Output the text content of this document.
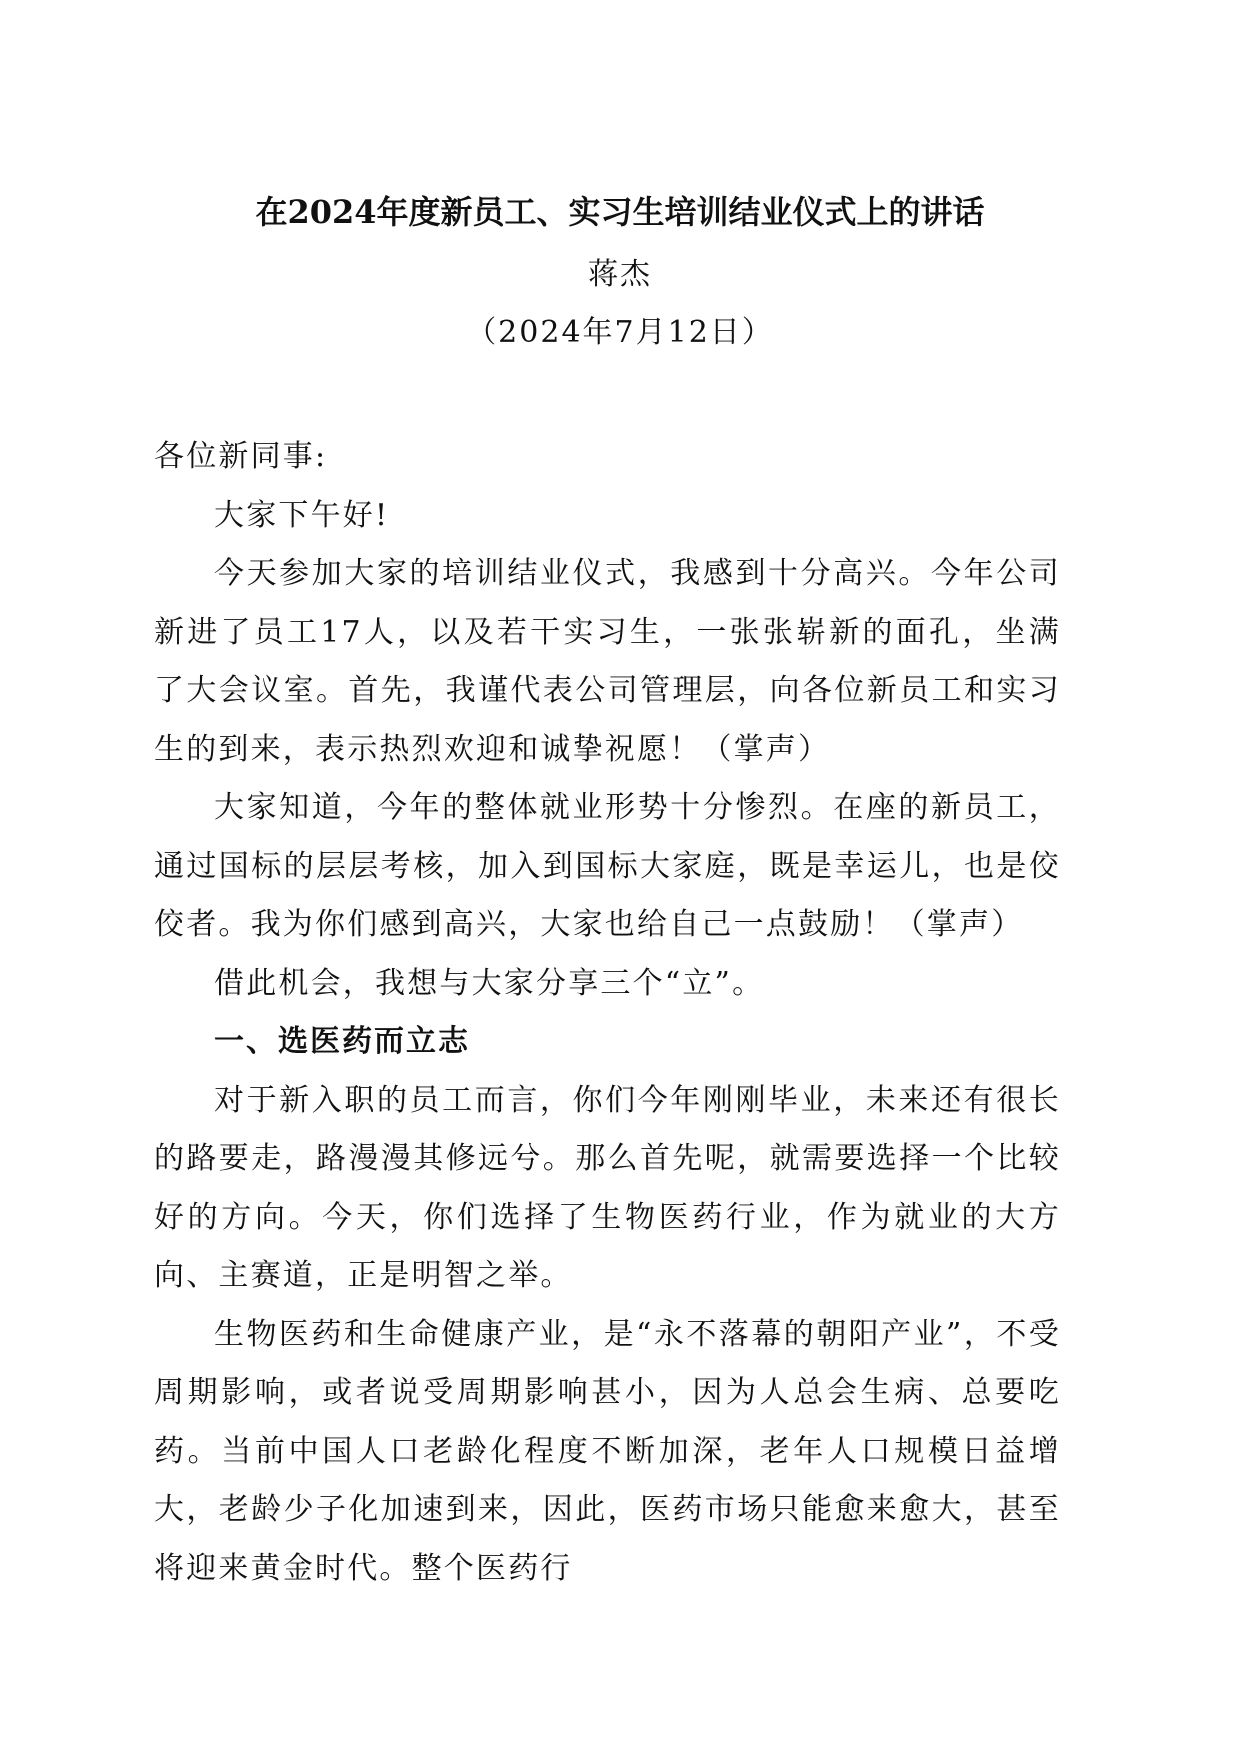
在2024年度新员工、实习生培训结业仪式上的讲话
蒋杰
（2024年7月12日）

各位新同事:

大家下午好!

今天参加大家的培训结业仪式，我感到十分高兴。今年公司新进了员工17人，以及若干实习生，一张张崭新的面孔，坐满了大会议室。首先，我谨代表公司管理层，向各位新员工和实习生的到来，表示热烈欢迎和诚挚祝愿！（掌声）

大家知道，今年的整体就业形势十分惨烈。在座的新员工，通过国标的层层考核，加入到国标大家庭，既是幸运儿，也是佼佼者。我为你们感到高兴，大家也给自己一点鼓励！（掌声）

借此机会，我想与大家分享三个“立”。

一、选医药而立志

对于新入职的员工而言，你们今年刚刚毕业，未来还有很长的路要走，路漫漫其修远兮。那么首先呢，就需要选择一个比较好的方向。今天，你们选择了生物医药行业，作为就业的大方向、主赛道，正是明智之举。

生物医药和生命健康产业，是“永不落幕的朝阳产业”，不受周期影响，或者说受周期影响甚小，因为人总会生病、总要吃药。当前中国人口老龄化程度不断加深，老年人口规模日益增大，老龄少子化加速到来，因此，医药市场只能愈来愈大，甚至将迎来黄金时代。整个医药行
